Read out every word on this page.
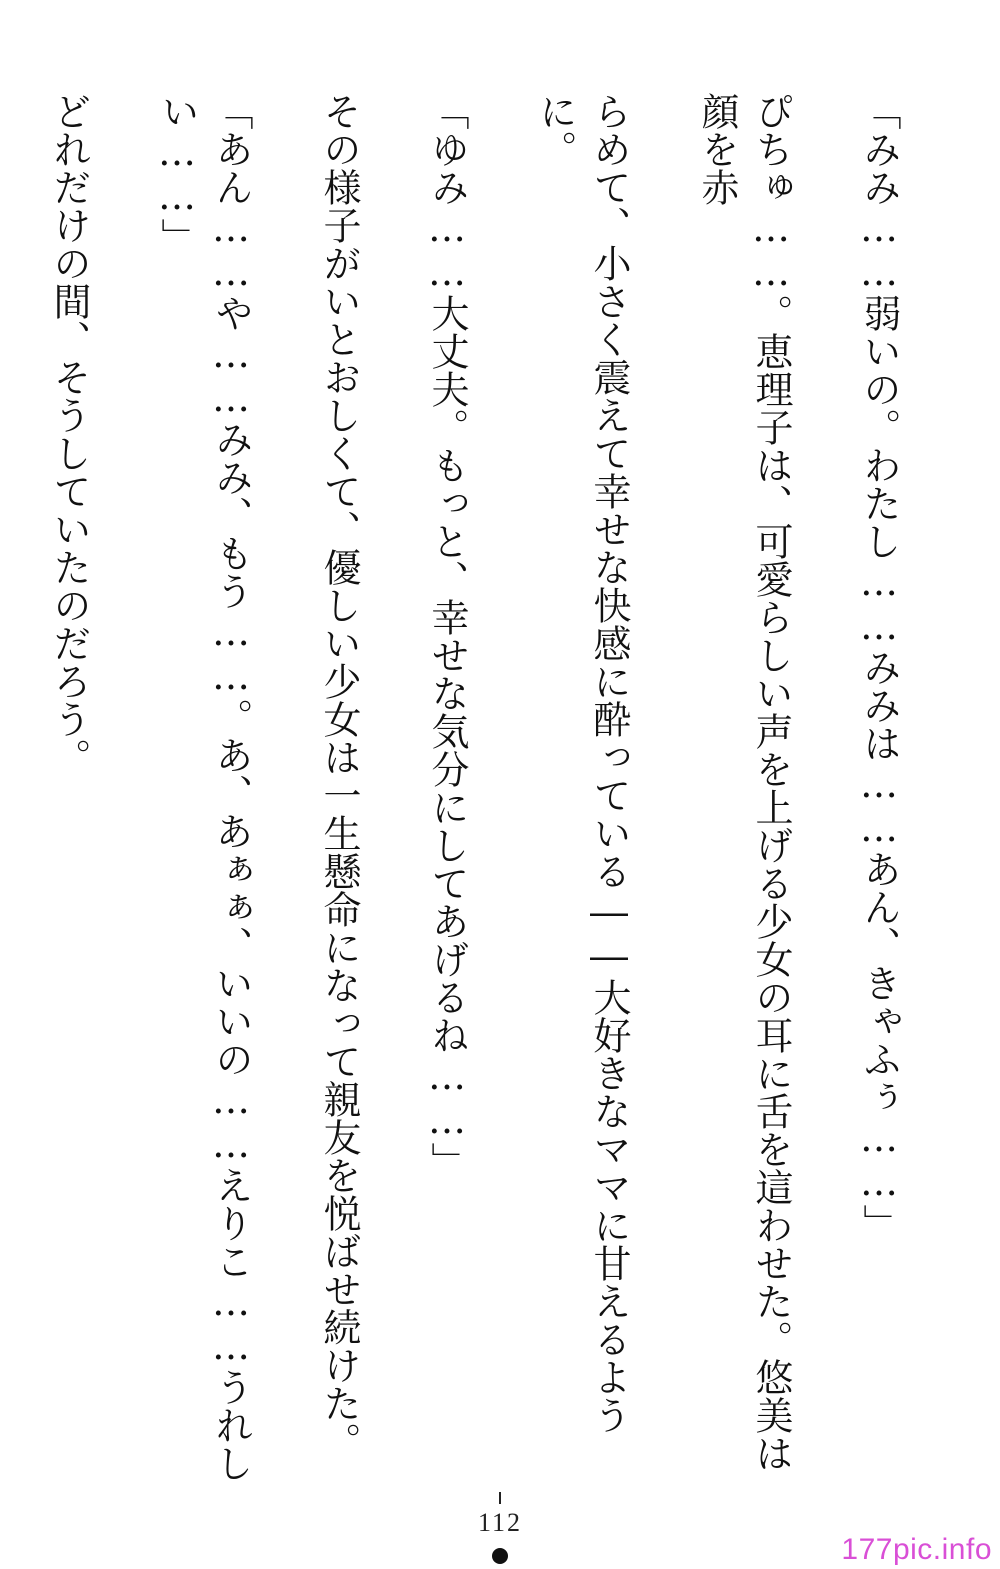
「みみ……弱いの。わたし……みみは……あん、きゃふぅ……」

ぴちゅ……。恵理子は、可愛らしい声を上げる少女の耳に舌を這わせた。悠美は顔を赤

らめて、小さく震えて幸せな快感に酔っている――大好きなママに甘えるように。

「ゆみ……大丈夫。もっと、幸せな気分にしてあげるね……」

その様子がいとおしくて、優しい少女は一生懸命になって親友を悦ばせ続けた。

「あん……や……みみ、もう……。あ、あぁぁ、いいの……えりこ……うれしい……」

どれだけの間、そうしていたのだろう。

112
177pic.info
